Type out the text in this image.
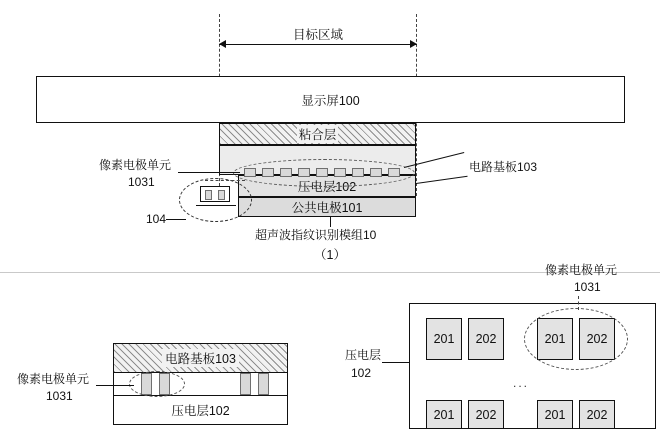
目标区域
显示屏100
粘合层
压电层102
公共电极101
像素电极单元
1031
104
电路基板103
超声波指纹识别模组10
（1）
电路基板103
压电层102
像素电极单元
1031
201 202	201 202
201 202	201 202
...
像素电极单元
1031
压电层
102
